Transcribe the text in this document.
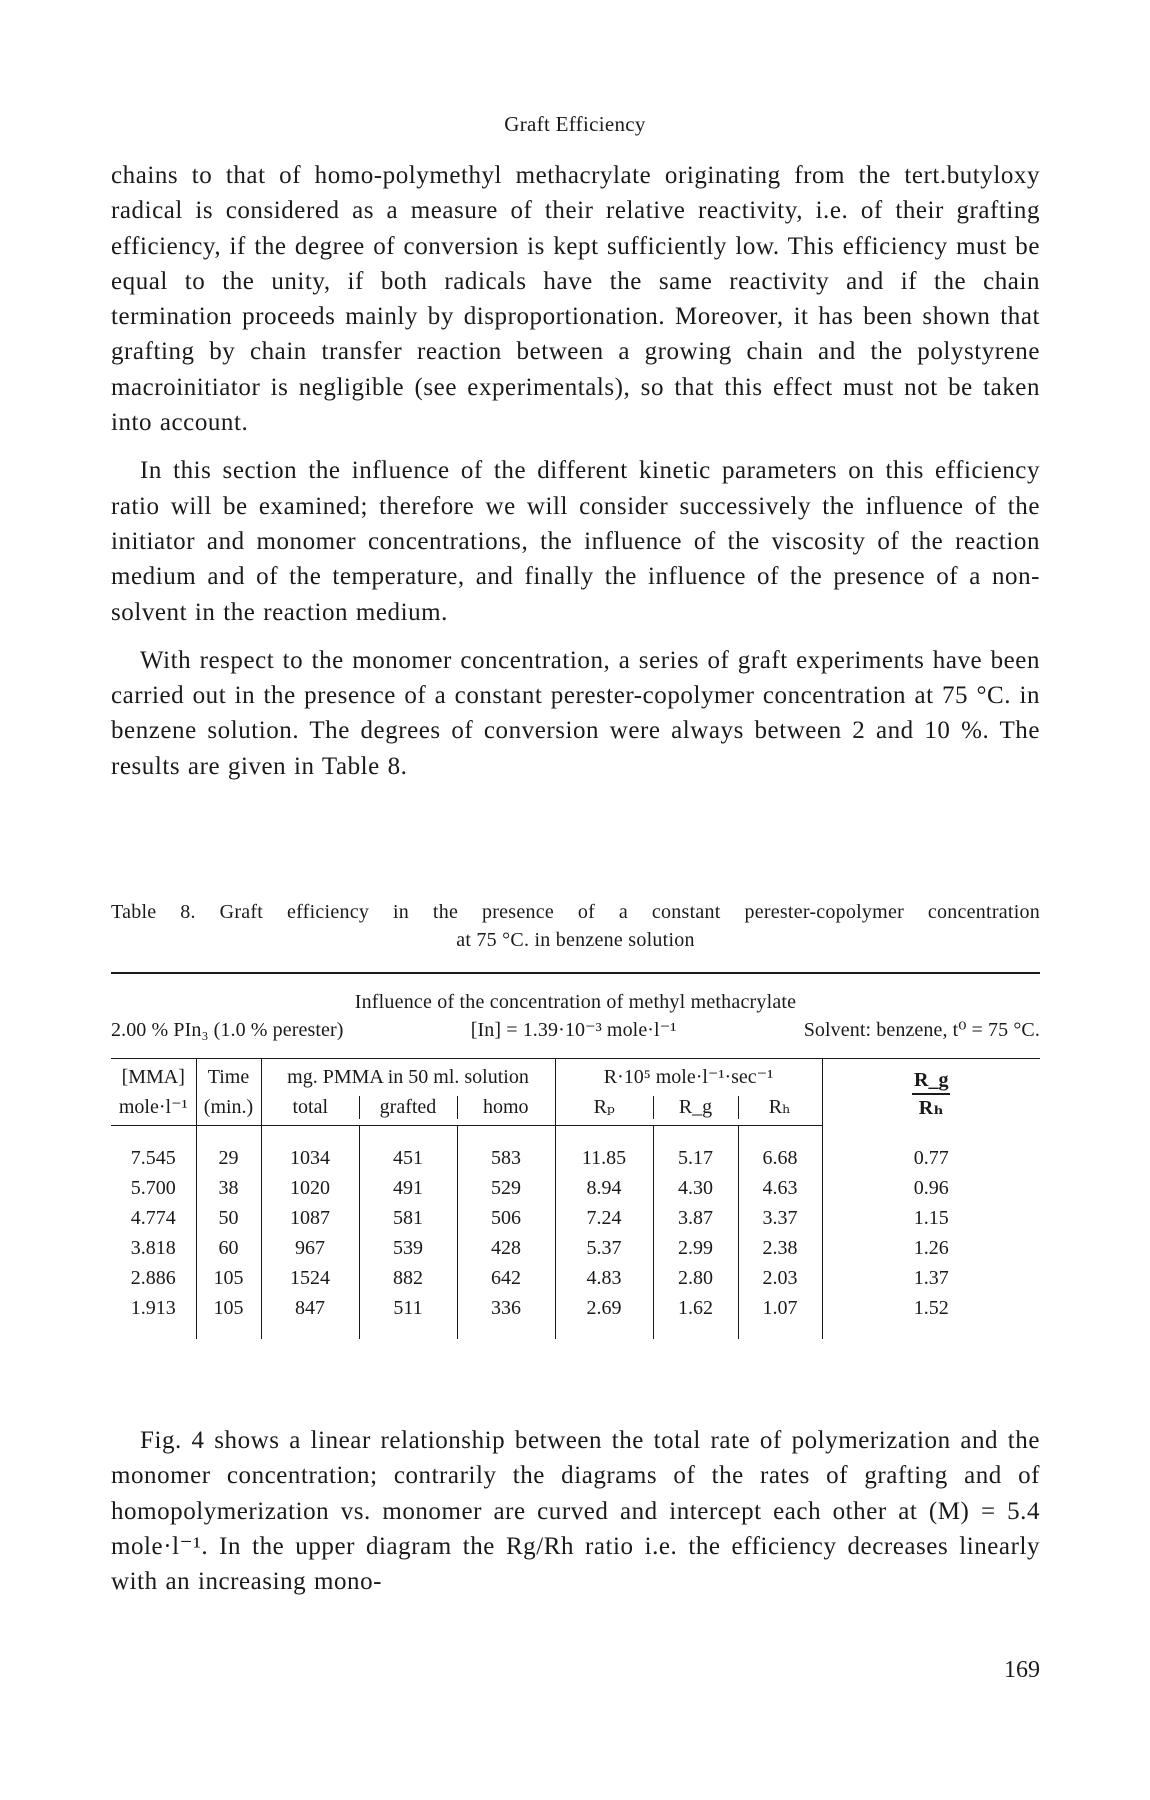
Graft Efficiency

chains to that of homo-polymethyl methacrylate originating from the tert.butyloxy radical is considered as a measure of their relative reactivity, i.e. of their grafting efficiency, if the degree of conversion is kept sufficiently low. This efficiency must be equal to the unity, if both radicals have the same reactivity and if the chain termination proceeds mainly by disproportionation. Moreover, it has been shown that grafting by chain transfer reaction between a growing chain and the polystyrene macroinitiator is negligible (see experimentals), so that this effect must not be taken into account.

In this section the influence of the different kinetic parameters on this efficiency ratio will be examined; therefore we will consider successively the influence of the initiator and monomer concentrations, the influence of the viscosity of the reaction medium and of the temperature, and finally the influence of the presence of a non-solvent in the reaction medium.

With respect to the monomer concentration, a series of graft experiments have been carried out in the presence of a constant perester-copolymer concentration at 75 °C. in benzene solution. The degrees of conversion were always between 2 and 10 %. The results are given in Table 8.

Table 8. Graft efficiency in the presence of a constant perester-copolymer concentration
at 75 °C. in benzene solution
Influence of the concentration of methyl methacrylate
2.00 % PIn₃ (1.0 % perester)	[In] = 1.39·10⁻³ mole·l⁻¹	Solvent: benzene, t⁰ = 75 °C.
[MMA]	Time	mg. PMMA in 50 ml. solution			R·10⁵ mole·l⁻¹·sec⁻¹			$\frac{R\_g}{\text{Rₕ}}$

mole·l⁻¹	(min.)	total	grafted	homo	Rₚ	R_g	Rₕ	
7.545	29	1034	451	583	11.85	5.17	6.68	0.77
5.700	38	1020	491	529	8.94	4.30	4.63	0.96
4.774	50	1087	581	506	7.24	3.87	3.37	1.15
3.818	60	967	539	428	5.37	2.99	2.38	1.26
2.886	105	1524	882	642	4.83	2.80	2.03	1.37
1.913	105	847	511	336	2.69	1.62	1.07	1.52

Fig. 4 shows a linear relationship between the total rate of polymerization and the monomer concentration; contrarily the diagrams of the rates of grafting and of homopolymerization vs. monomer are curved and intercept each other at (M) = 5.4 mole·l⁻¹. In the upper diagram the Rg/Rh ratio i.e. the efficiency decreases linearly with an increasing mono-

169
